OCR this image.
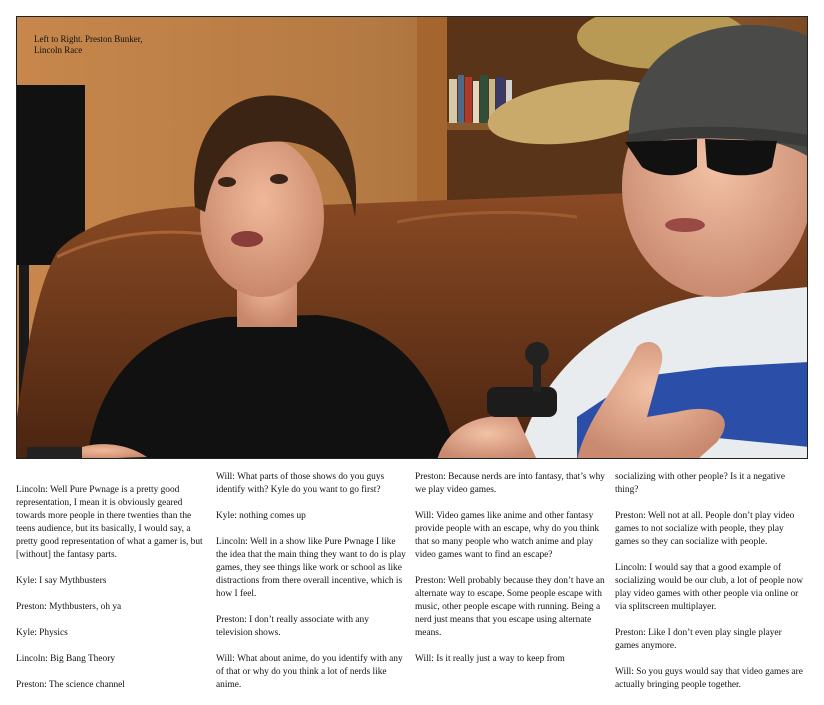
Left to Right. Preston Bunker, Lincoln Race

Lincoln: Well Pure Pwnage is a pretty good representation, I mean it is obviously geared towards more people in there twenties than the teens audience, but its basically, I would say, a pretty good representation of what a gamer is, but [without] the fantasy parts.

Kyle: I say Mythbusters

Preston: Mythbusters, oh ya

Kyle: Physics

Lincoln: Big Bang Theory

Preston: The science channel

Will: What parts of those shows do you guys identify with? Kyle do you want to go first?

Kyle: nothing comes up

Lincoln: Well in a show like Pure Pwnage I like the idea that the main thing they want to do is play games, they see things like work or school as like distractions from there overall incentive, which is how I feel.

Preston: I don’t really associate with any television shows.

Will: What about anime, do you identify with any of that or why do you think a lot of nerds like anime.

Preston: Because nerds are into fantasy, that’s why we play video games.

Will: Video games like anime and other fantasy provide people with an escape, why do you think that so many people who watch anime and play video games want to find an escape?

Preston: Well probably because they don’t have an alternate way to escape. Some people escape with music, other people escape with running. Being a nerd just means that you escape using alternate means.

Will: Is it really just a way to keep from

socializing with other people? Is it a negative thing?

Preston: Well not at all. People don’t play video games to not socialize with people, they play games so they can socialize with people.

Lincoln: I would say that a good example of socializing would be our club, a lot of people now play video games with other people via online or via splitscreen multiplayer.

Preston: Like I don’t even play single player games anymore.

Will: So you guys would say that video games are actually bringing people together.
